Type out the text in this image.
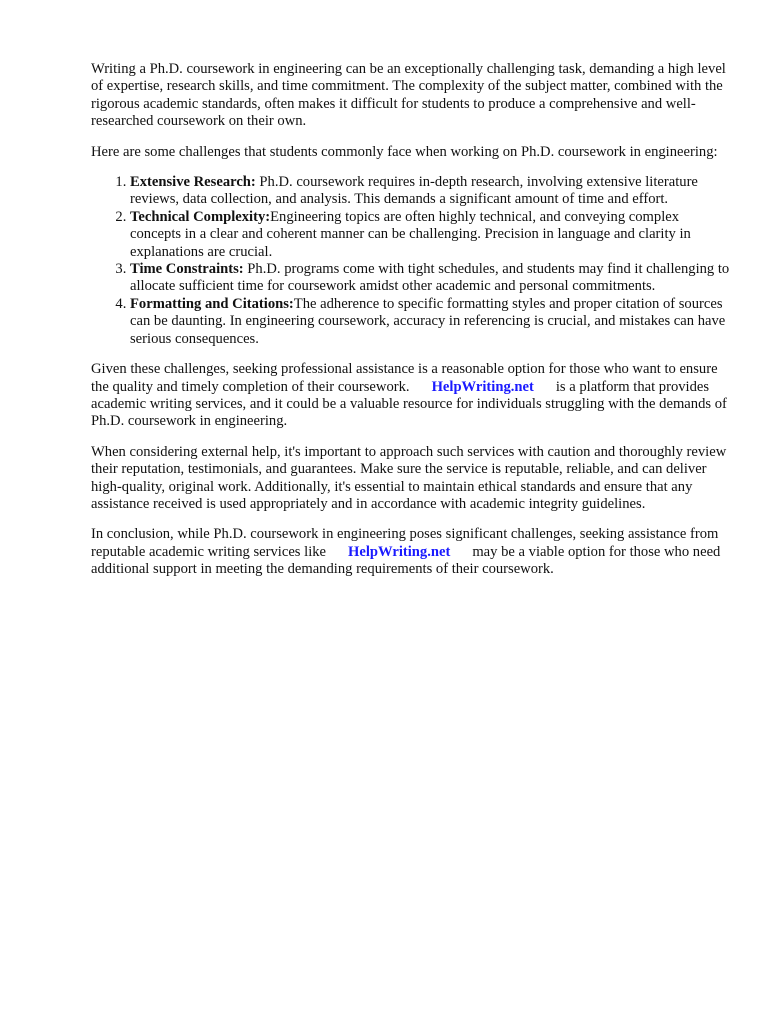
Writing a Ph.D. coursework in engineering can be an exceptionally challenging task, demanding a high level of expertise, research skills, and time commitment. The complexity of the subject matter, combined with the rigorous academic standards, often makes it difficult for students to produce a comprehensive and well-researched coursework on their own.

Here are some challenges that students commonly face when working on Ph.D. coursework in engineering:

1. Extensive Research: Ph.D. coursework requires in-depth research, involving extensive literature reviews, data collection, and analysis. This demands a significant amount of time and effort.
2. Technical Complexity:Engineering topics are often highly technical, and conveying complex concepts in a clear and coherent manner can be challenging. Precision in language and clarity in explanations are crucial.
3. Time Constraints: Ph.D. programs come with tight schedules, and students may find it challenging to allocate sufficient time for coursework amidst other academic and personal commitments.
4. Formatting and Citations:The adherence to specific formatting styles and proper citation of sources can be daunting. In engineering coursework, accuracy in referencing is crucial, and mistakes can have serious consequences.

Given these challenges, seeking professional assistance is a reasonable option for those who want to ensure the quality and timely completion of their coursework. HelpWriting.net is a platform that provides academic writing services, and it could be a valuable resource for individuals struggling with the demands of Ph.D. coursework in engineering.

When considering external help, it's important to approach such services with caution and thoroughly review their reputation, testimonials, and guarantees. Make sure the service is reputable, reliable, and can deliver high-quality, original work. Additionally, it's essential to maintain ethical standards and ensure that any assistance received is used appropriately and in accordance with academic integrity guidelines.

In conclusion, while Ph.D. coursework in engineering poses significant challenges, seeking assistance from reputable academic writing services like HelpWriting.net may be a viable option for those who need additional support in meeting the demanding requirements of their coursework.
